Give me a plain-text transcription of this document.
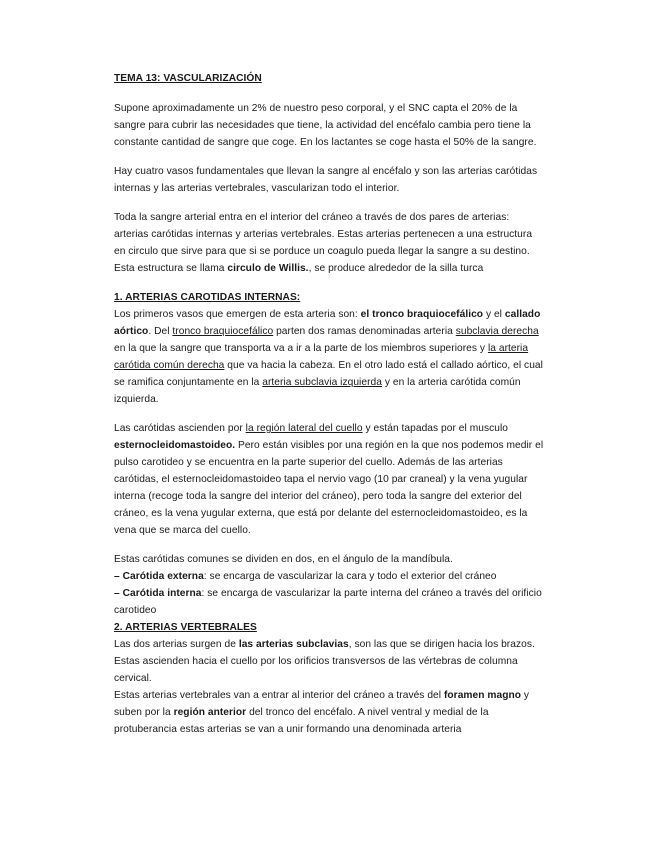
TEMA 13: VASCULARIZACIÓN

Supone aproximadamente un 2% de nuestro peso corporal, y el SNC capta el 20% de la sangre para cubrir las necesidades que tiene, la actividad del encéfalo cambia pero tiene la constante cantidad de sangre que coge. En los lactantes se coge hasta el 50% de la sangre.

Hay cuatro vasos fundamentales que llevan la sangre al encéfalo y son las arterias carótidas internas y las arterias vertebrales, vascularizan todo el interior.

Toda la sangre arterial entra en el interior del cráneo a través de dos pares de arterias: arterias carótidas internas y arterias vertebrales. Estas arterias pertenecen a una estructura en circulo que sirve para que si se porduce un coagulo pueda llegar la sangre a su destino. Esta estructura se llama circulo de Willis., se produce alrededor de la silla turca

1. ARTERIAS CAROTIDAS INTERNAS:

Los primeros vasos que emergen de esta arteria son: el tronco braquiocefálico y el callado aórtico. Del tronco braquiocefálico parten dos ramas denominadas arteria subclavia derecha en la que la sangre que transporta va a ir a la parte de los miembros superiores y la arteria carótida común derecha que va hacia la cabeza. En el otro lado está el callado aórtico, el cual se ramifica conjuntamente en la arteria subclavia izquierda y en la arteria carótida común izquierda.

Las carótidas ascienden por la región lateral del cuello y están tapadas por el musculo esternocleidomastoideo. Pero están visibles por una región en la que nos podemos medir el pulso carotideo y se encuentra en la parte superior del cuello. Además de las arterias carótidas, el esternocleidomastoideo tapa el nervio vago (10 par craneal) y la vena yugular interna (recoge toda la sangre del interior del cráneo), pero toda la sangre del exterior del cráneo, es la vena yugular externa, que está por delante del esternocleidomastoideo, es la vena que se marca del cuello.

Estas carótidas comunes se dividen en dos, en el ángulo de la mandíbula.

– Carótida externa: se encarga de vascularizar la cara y todo el exterior del cráneo

– Carótida interna: se encarga de vascularizar la parte interna del cráneo a través del orificio carotideo

2. ARTERIAS VERTEBRALES

Las dos arterias surgen de las arterias subclavias, son las que se dirigen hacia los brazos. Estas ascienden hacia el cuello por los orificios transversos de las vértebras de columna cervical.

Estas arterias vertebrales van a entrar al interior del cráneo a través del foramen magno y suben por la región anterior del tronco del encéfalo. A nivel ventral y medial de la protuberancia estas arterias se van a unir formando una denominada arteria
